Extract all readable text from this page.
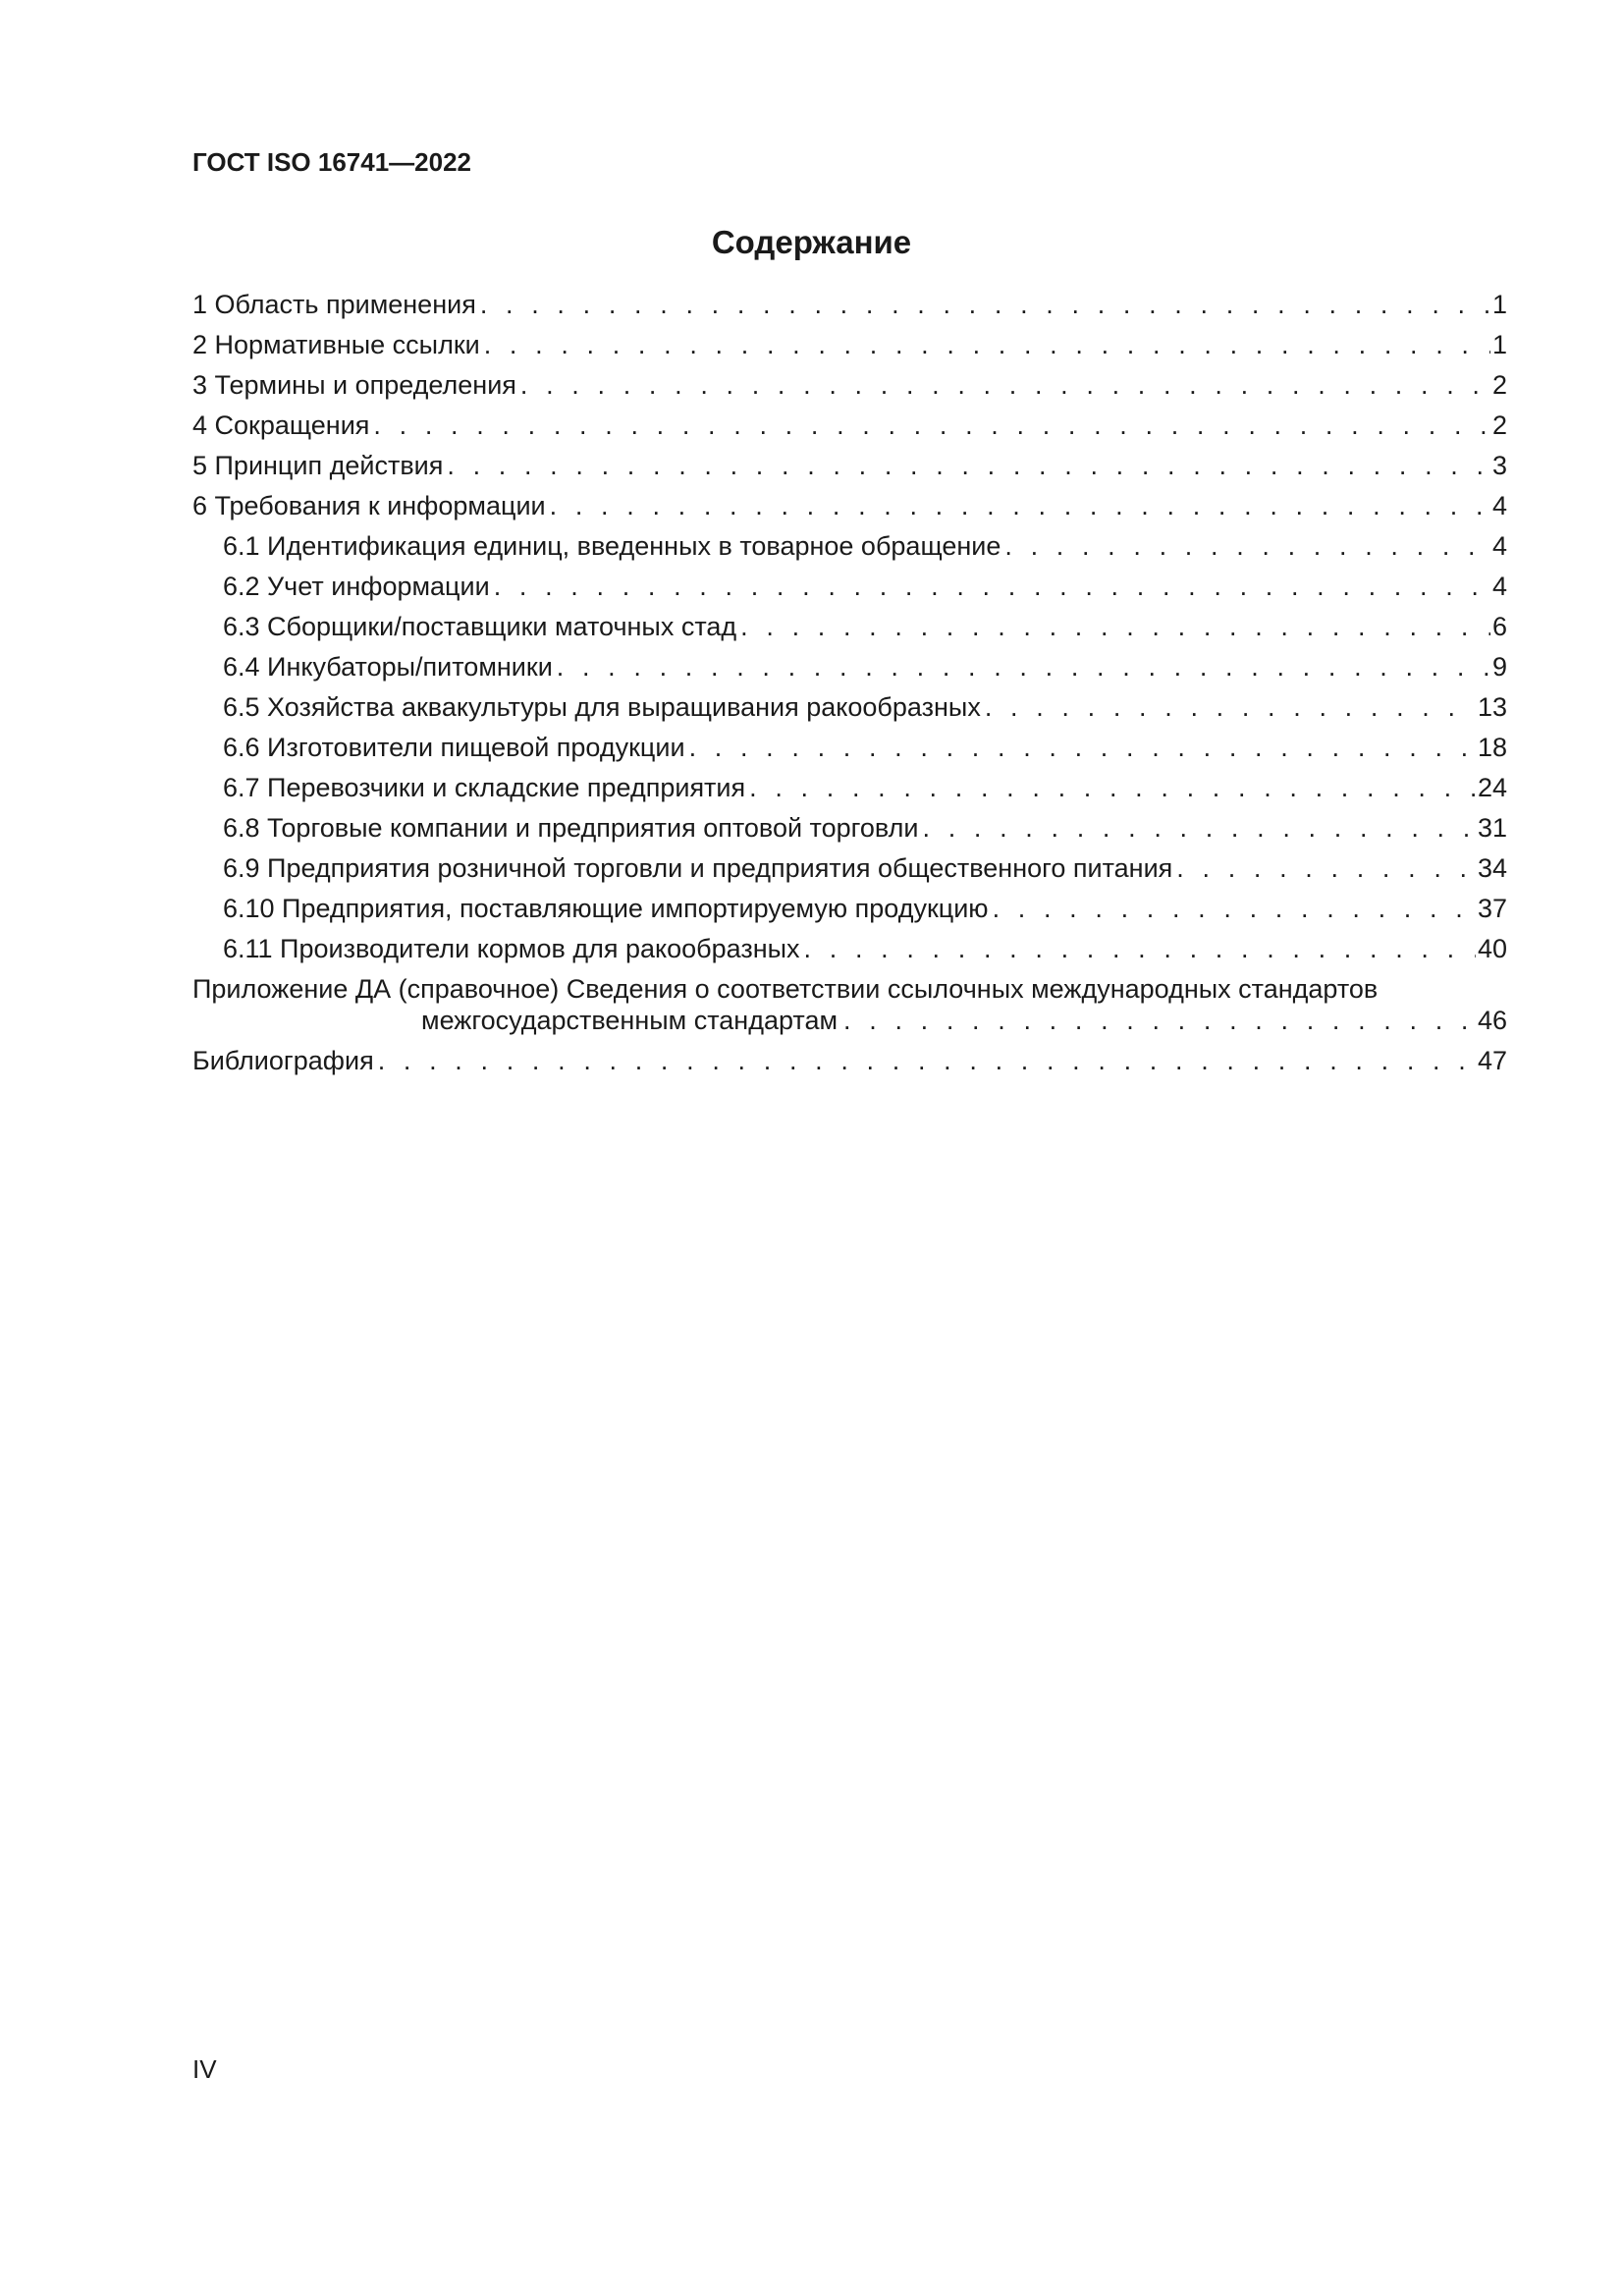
ГОСТ ISO 16741—2022
Содержание
1 Область применения . . .	1
2 Нормативные ссылки . . .	1
3 Термины и определения . . .	2
4 Сокращения . . .	2
5 Принцип действия . . .	3
6 Требования к информации . . .	4
6.1 Идентификация единиц, введенных в товарное обращение . . .	4
6.2 Учет информации . . .	4
6.3 Сборщики/поставщики маточных стад . . .	6
6.4 Инкубаторы/питомники . . .	9
6.5 Хозяйства аквакультуры для выращивания ракообразных . . .	13
6.6 Изготовители пищевой продукции . . .	18
6.7 Перевозчики и складские предприятия . . .	24
6.8 Торговые компании и предприятия оптовой торговли . . .	31
6.9 Предприятия розничной торговли и предприятия общественного питания . . .	34
6.10 Предприятия, поставляющие импортируемую продукцию . . .	37
6.11 Производители кормов для ракообразных . . .	40
Приложение ДА (справочное) Сведения о соответствии ссылочных международных стандартов
межгосударственным стандартам . . .	46
Библиография . . .	47
IV
